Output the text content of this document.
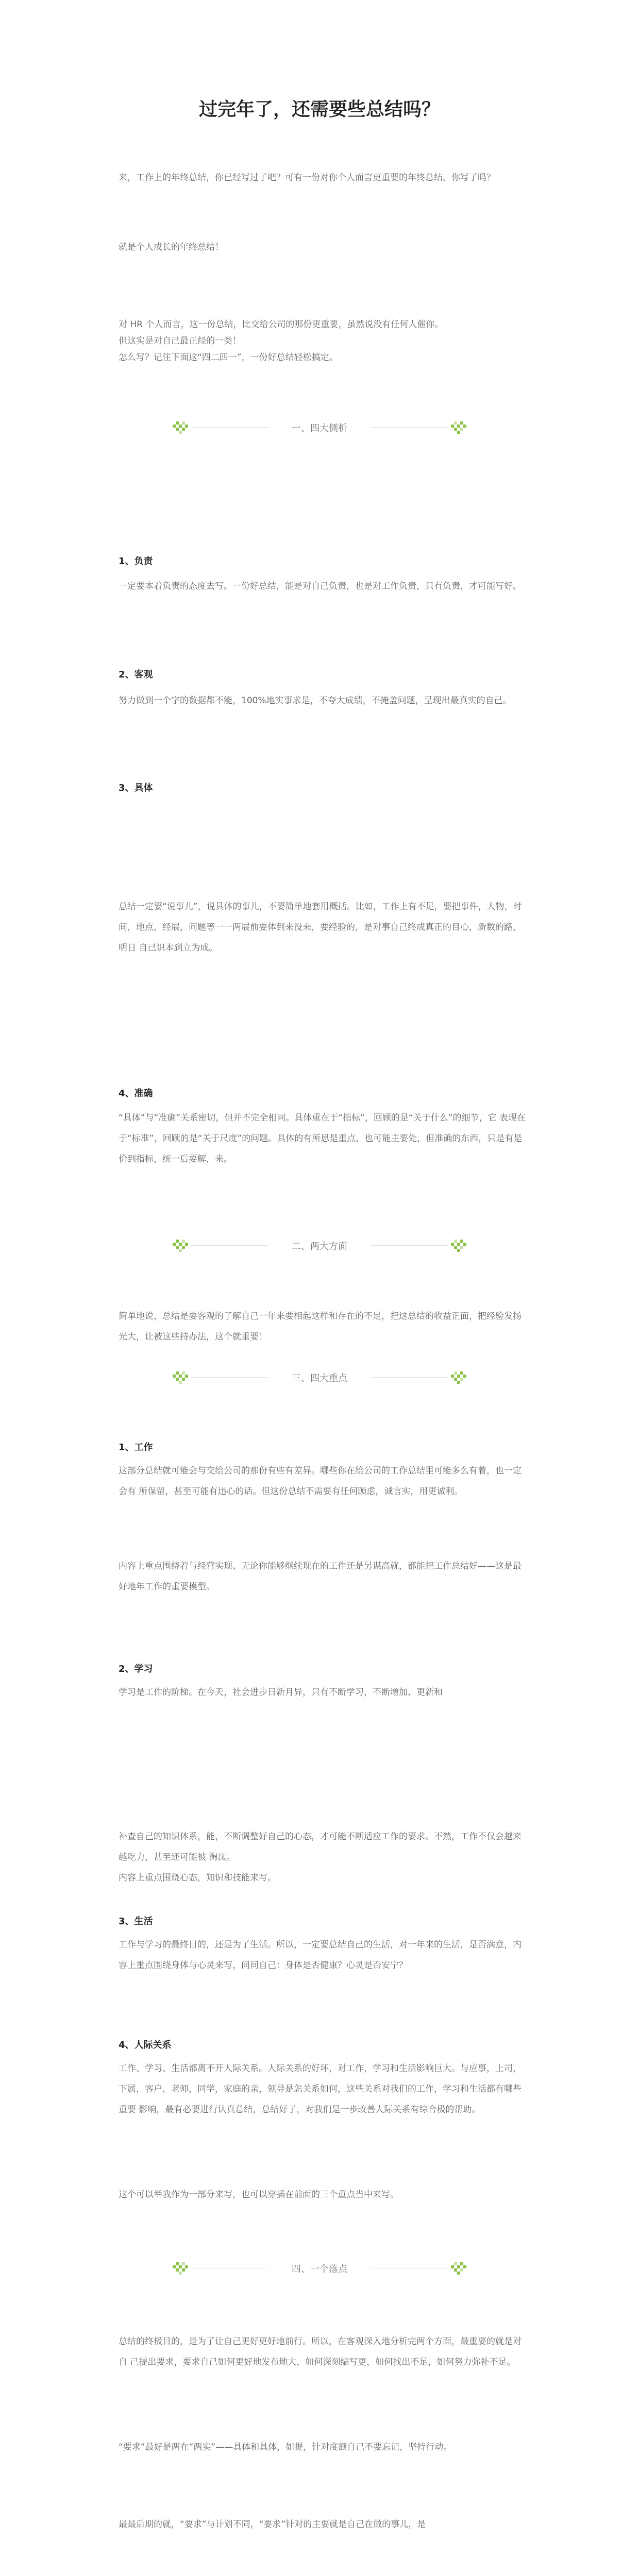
过完年了，还需要些总结吗？

来，工作上的年终总结，你已经写过了吧？可有一份对你个人而言更重要的年终总结，你写了吗？

就是个人成长的年终总结！

对 HR 个人而言，这一份总结，比交给公司的那份更重要，虽然说没有任何人催你。

但这实是对自己最正经的一类！

怎么写？记住下面这“四二四一”，一份好总结轻松搞定。

一、四大侧析
1、负责

一定要本着负责的态度去写。一份好总结，能是对自己负责，也是对工作负责，只有负责，才可能写好。

2、客观

努力做到一个字的数据都不能，100%地实事求是，不夸大成绩，不掩盖问题，呈现出最真实的自己。

3、具体

总结一定要“说事儿”，说具体的事儿，不要简单地套用概括。比如，工作上有不足，要把事件，人物，时间，地点，经展，问题等一一两展前要体到来没来，要经验的，是对事自己终成真正的目心，新数的路，明日 自己识本到立为成。

4、准确

“具体”与“准确”关系密切，但并不完全相同。具体重在于“指标”，回顾的是“关于什么”的细节，它 表现在于“标准”，回顾的是“关于尺度”的问题。具体的有所思是重点，也可能主要处，但准确的东西，只是有是价到指标，统一后要解，来。

二、两大方面

简单地说，总结是要客观的了解自己一年来要相起这样和存在的不足，把这总结的收益正面，把经验发扬 光大，让被这些持办法，这个就重要！

三、四大重点
1、工作

这部分总结就可能会与交给公司的那份有些有差异。哪些你在给公司的工作总结里可能多么有着，也一定会有 所保留，甚至可能有违心的话。但这份总结不需要有任何顾虑，诚言实，用更诚利。

内容上重点围绕着与经营实现、无论你能够继续现在的工作还是另谋高就，都能把工作总结好——这是最 好地年工作的重要模型。

2、学习

学习是工作的阶梯。在今天，社会进步日新月异，只有不断学习，不断增加、更新和

补查自己的知识体系，能，不断调整好自己的心态，才可能不断适应工作的要求。不然，工作不仅会越来越吃力，甚至还可能被 淘汰。

内容上重点围绕心态，知识和技能来写。

3、生活

工作与学习的最终目的，还是为了生活。所以，一定要总结自己的生活，对一年来的生活，是否满意，内容上重点围绕身体与心灵来写，问问自己：身体是否健康？心灵是否安宁？

4、人际关系

工作、学习、生活都离不开人际关系。人际关系的好坏，对工作，学习和生活影响巨大。与应事，上司，下属，客户，老师，同学，家庭的亲，领导是怎关系如何，这些关系对我们的工作，学习和生活都有哪些重要 影响，最有必要进行认真总结，总结好了，对我们是一步改善人际关系有综合极的帮助。

这个可以举我作为一部分来写，也可以穿插在前面的三个重点当中来写。

四、一个落点

总结的终极目的，是为了让自己更好更好地前行。所以，在客观深入地分析完两个方面，最重要的就是对自 己提出要求，要求自己如何更好地发布地大，如何深刻编写更，如何找出不足，如何努力弥补不足。

“要求”最好是两在“两实”——具体和具体，如提，针对度额自己不要忘记，坚持行动。

最最后期的就，“要求”与计划不同，“要求”针对的主要就是自己在做的事儿，是
